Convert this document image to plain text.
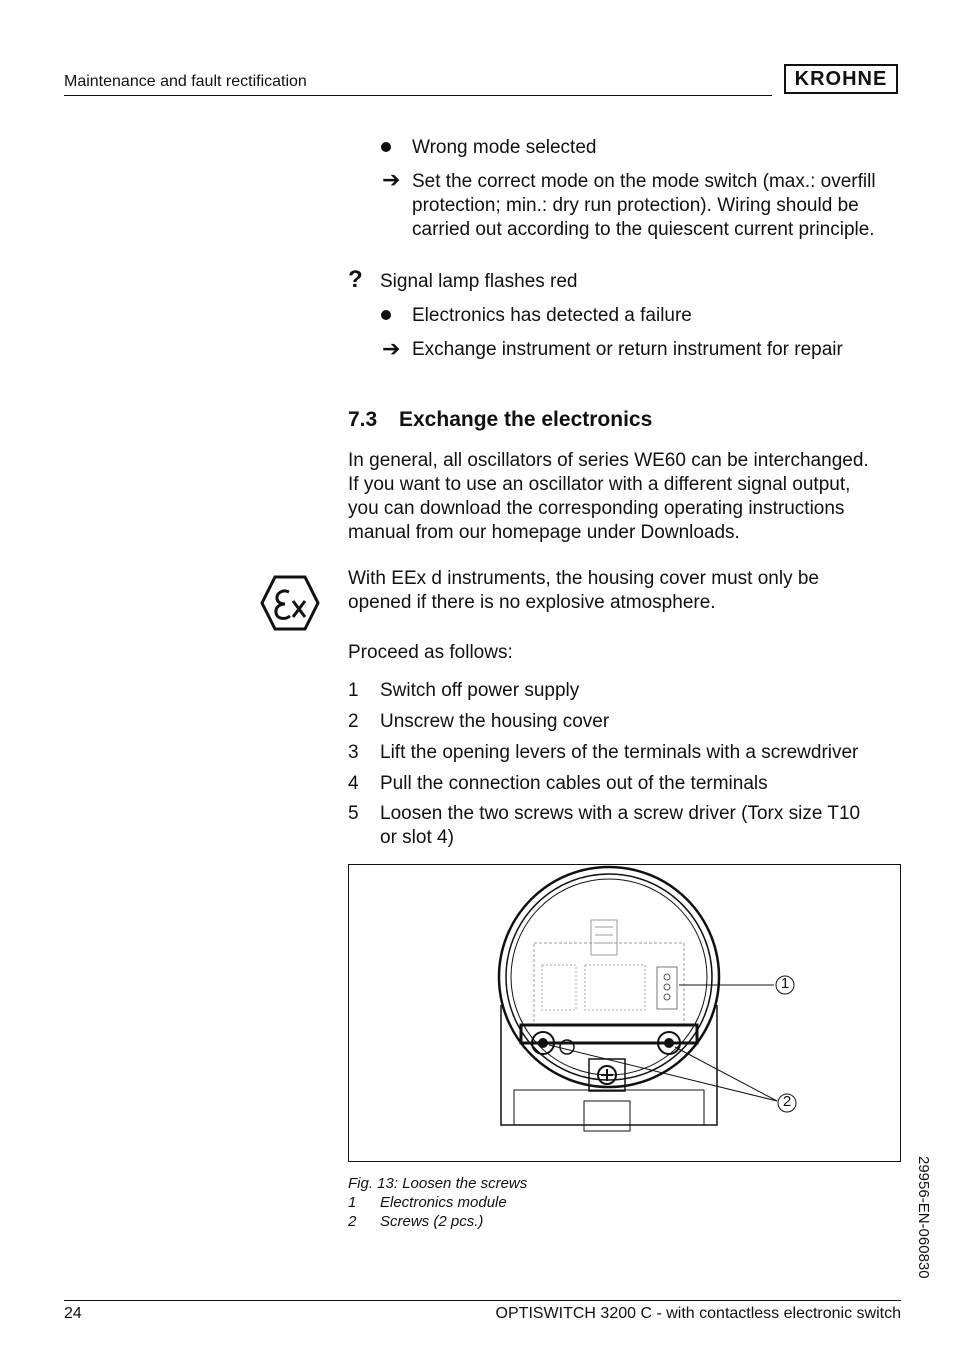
Maintenance and fault rectification	KROHNE
Wrong mode selected
➔ Set the correct mode on the mode switch (max.: overfill
protection; min.: dry run protection). Wiring should be
carried out according to the quiescent current principle.
? Signal lamp flashes red
Electronics has detected a failure
➔ Exchange instrument or return instrument for repair
7.3 Exchange the electronics
In general, all oscillators of series WE60 can be interchanged.
If you want to use an oscillator with a different signal output,
you can download the corresponding operating instructions
manual from our homepage under Downloads.
With EEx d instruments, the housing cover must only be
opened if there is no explosive atmosphere.
Proceed as follows:
1 Switch off power supply
2 Unscrew the housing cover
3 Lift the opening levers of the terminals with a screwdriver
4 Pull the connection cables out of the terminals
5 Loosen the two screws with a screw driver (Torx size T10
or slot 4)
1
2
Fig. 13: Loosen the screws
1 Electronics module
2 Screws (2 pcs.)	29956-EN-060830
24	OPTISWITCH 3200 C - with contactless electronic switch
